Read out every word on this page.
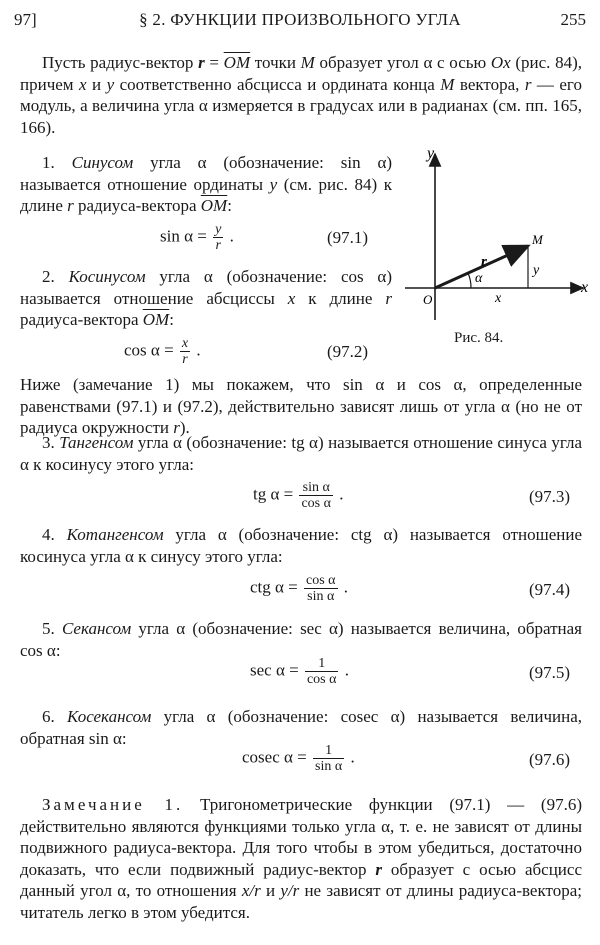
97]	§ 2. ФУНКЦИИ ПРОИЗВОЛЬНОГО УГЛА	255

Пусть радиус-вектор $r = \overline{OM}$ точки M образует угол α с осью Ox (рис. 84), причем x и y соответственно абсцисса и ордината конца M вектора, r — его модуль, а величина угла α измеряется в градусах или в радианах (см. пп. 165, 166).

1. Синусом угла α (обозначение: sin α) называется отношение ординаты y (см. рис. 84) к длине r радиуса-вектора $\overline{OM}$:

$\sin \alpha = \frac{y}{r}$ .	(97.1)

2. Косинусом угла α (обозначение: cos α) называется отношение абсциссы x к длине r радиуса-вектора $\overline{OM}$:

$\cos \alpha = \frac{x}{r}$ .	(97.2)
y
x
O
M
r
α
x
y
Рис. 84.

Ниже (замечание 1) мы покажем, что sin α и cos α, определенные равенствами (97.1) и (97.2), действительно зависят лишь от угла α (но не от радиуса окружности r).

3. Тангенсом угла α (обозначение: tg α) называется отношение синуса угла α к косинусу этого угла:

tg $\alpha = \frac{\text{sin α}}{\text{cos α}}$ .	(97.3)

4. Котангенсом угла α (обозначение: ctg α) называется отношение косинуса угла α к синусу этого угла:

ctg $\alpha = \frac{\text{cos α}}{\text{sin α}}$ .	(97.4)

5. Секансом угла α (обозначение: sec α) называется величина, обратная cos α:

$\sec \alpha = \frac{1}{\text{cos α}}$ .	(97.5)

6. Косекансом угла α (обозначение: cosec α) называется величина, обратная sin α:

cosec $\alpha = \frac{1}{\text{sin α}}$ .	(97.6)

Замечание 1. Тригонометрические функции (97.1) — (97.6) действительно являются функциями только угла α, т. е. не зависят от длины подвижного радиуса-вектора. Для того чтобы в этом убедиться, достаточно доказать, что если подвижный радиус-вектор r образует с осью абсцисс данный угол α, то отношения x/r и y/r не зависят от длины радиуса-вектора; читатель легко в этом убедится.
